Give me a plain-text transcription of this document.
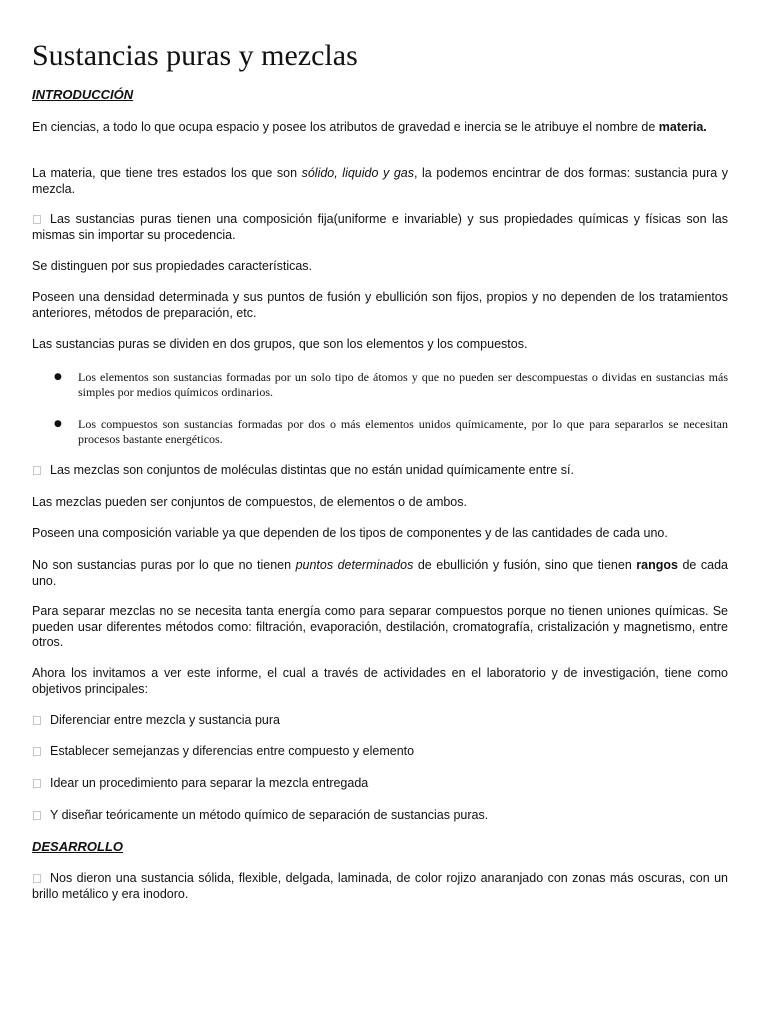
Sustancias puras y mezclas
INTRODUCCIÓN

En ciencias, a todo lo que ocupa espacio y posee los atributos de gravedad e inercia se le atribuye el nombre de materia.

La materia, que tiene tres estados los que son sólido, liquido y gas, la podemos encintrar de dos formas: sustancia pura y mezcla.

Las sustancias puras tienen una composición fija(uniforme e invariable) y sus propiedades químicas y físicas son las mismas sin importar su procedencia.

Se distinguen por sus propiedades características.

Poseen una densidad determinada y sus puntos de fusión y ebullición son fijos, propios y no dependen de los tratamientos anteriores, métodos de preparación, etc.

Las sustancias puras se dividen en dos grupos, que son los elementos y los compuestos.

● Los elementos son sustancias formadas por un solo tipo de átomos y que no pueden ser descompuestas o dividas en sustancias más simples por medios químicos ordinarios.
● Los compuestos son sustancias formadas por dos o más elementos unidos químicamente, por lo que para separarlos se necesitan procesos bastante energéticos.

Las mezclas son conjuntos de moléculas distintas que no están unidad químicamente entre sí.

Las mezclas pueden ser conjuntos de compuestos, de elementos o de ambos.

Poseen una composición variable ya que dependen de los tipos de componentes y de las cantidades de cada uno.

No son sustancias puras por lo que no tienen puntos determinados de ebullición y fusión, sino que tienen rangos de cada uno.

Para separar mezclas no se necesita tanta energía como para separar compuestos porque no tienen uniones químicas. Se pueden usar diferentes métodos como: filtración, evaporación, destilación, cromatografía, cristalización y magnetismo, entre otros.

Ahora los invitamos a ver este informe, el cual a través de actividades en el laboratorio y de investigación, tiene como objetivos principales:

Diferenciar entre mezcla y sustancia pura

Establecer semejanzas y diferencias entre compuesto y elemento

Idear un procedimiento para separar la mezcla entregada

Y diseñar teóricamente un método químico de separación de sustancias puras.

DESARROLLO

Nos dieron una sustancia sólida, flexible, delgada, laminada, de color rojizo anaranjado con zonas más oscuras, con un brillo metálico y era inodoro.
